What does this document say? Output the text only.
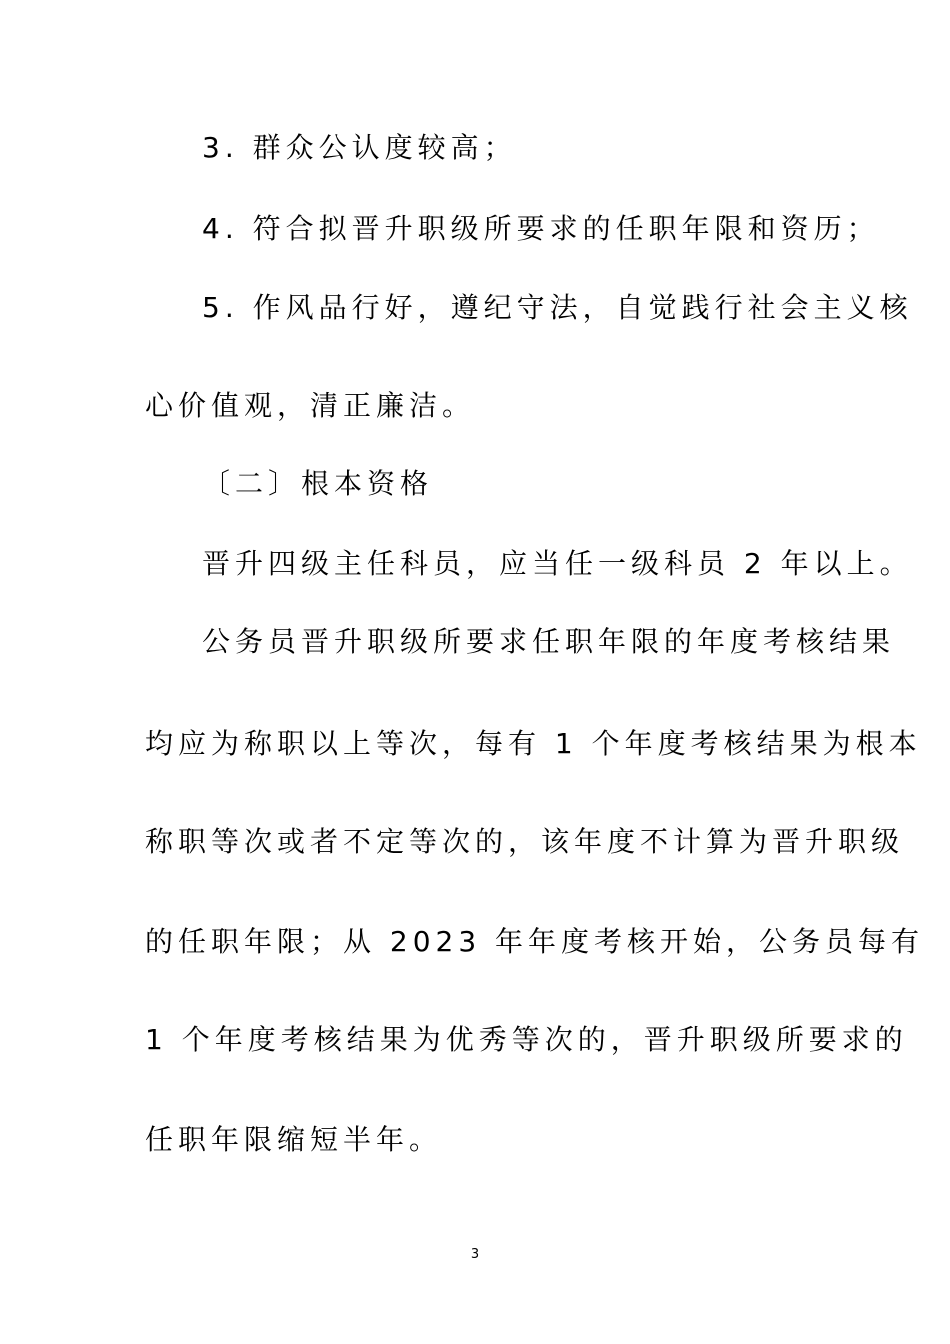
3. 群众公认度较高；
4. 符合拟晋升职级所要求的任职年限和资历；
5. 作风品行好，遵纪守法，自觉践行社会主义核
心价值观，清正廉洁。
〔二〕根本资格
晋升四级主任科员，应当任一级科员 2 年以上。
公务员晋升职级所要求任职年限的年度考核结果
均应为称职以上等次，每有 1 个年度考核结果为根本
称职等次或者不定等次的，该年度不计算为晋升职级
的任职年限；从 2023 年年度考核开始，公务员每有
1 个年度考核结果为优秀等次的，晋升职级所要求的
任职年限缩短半年。
3
